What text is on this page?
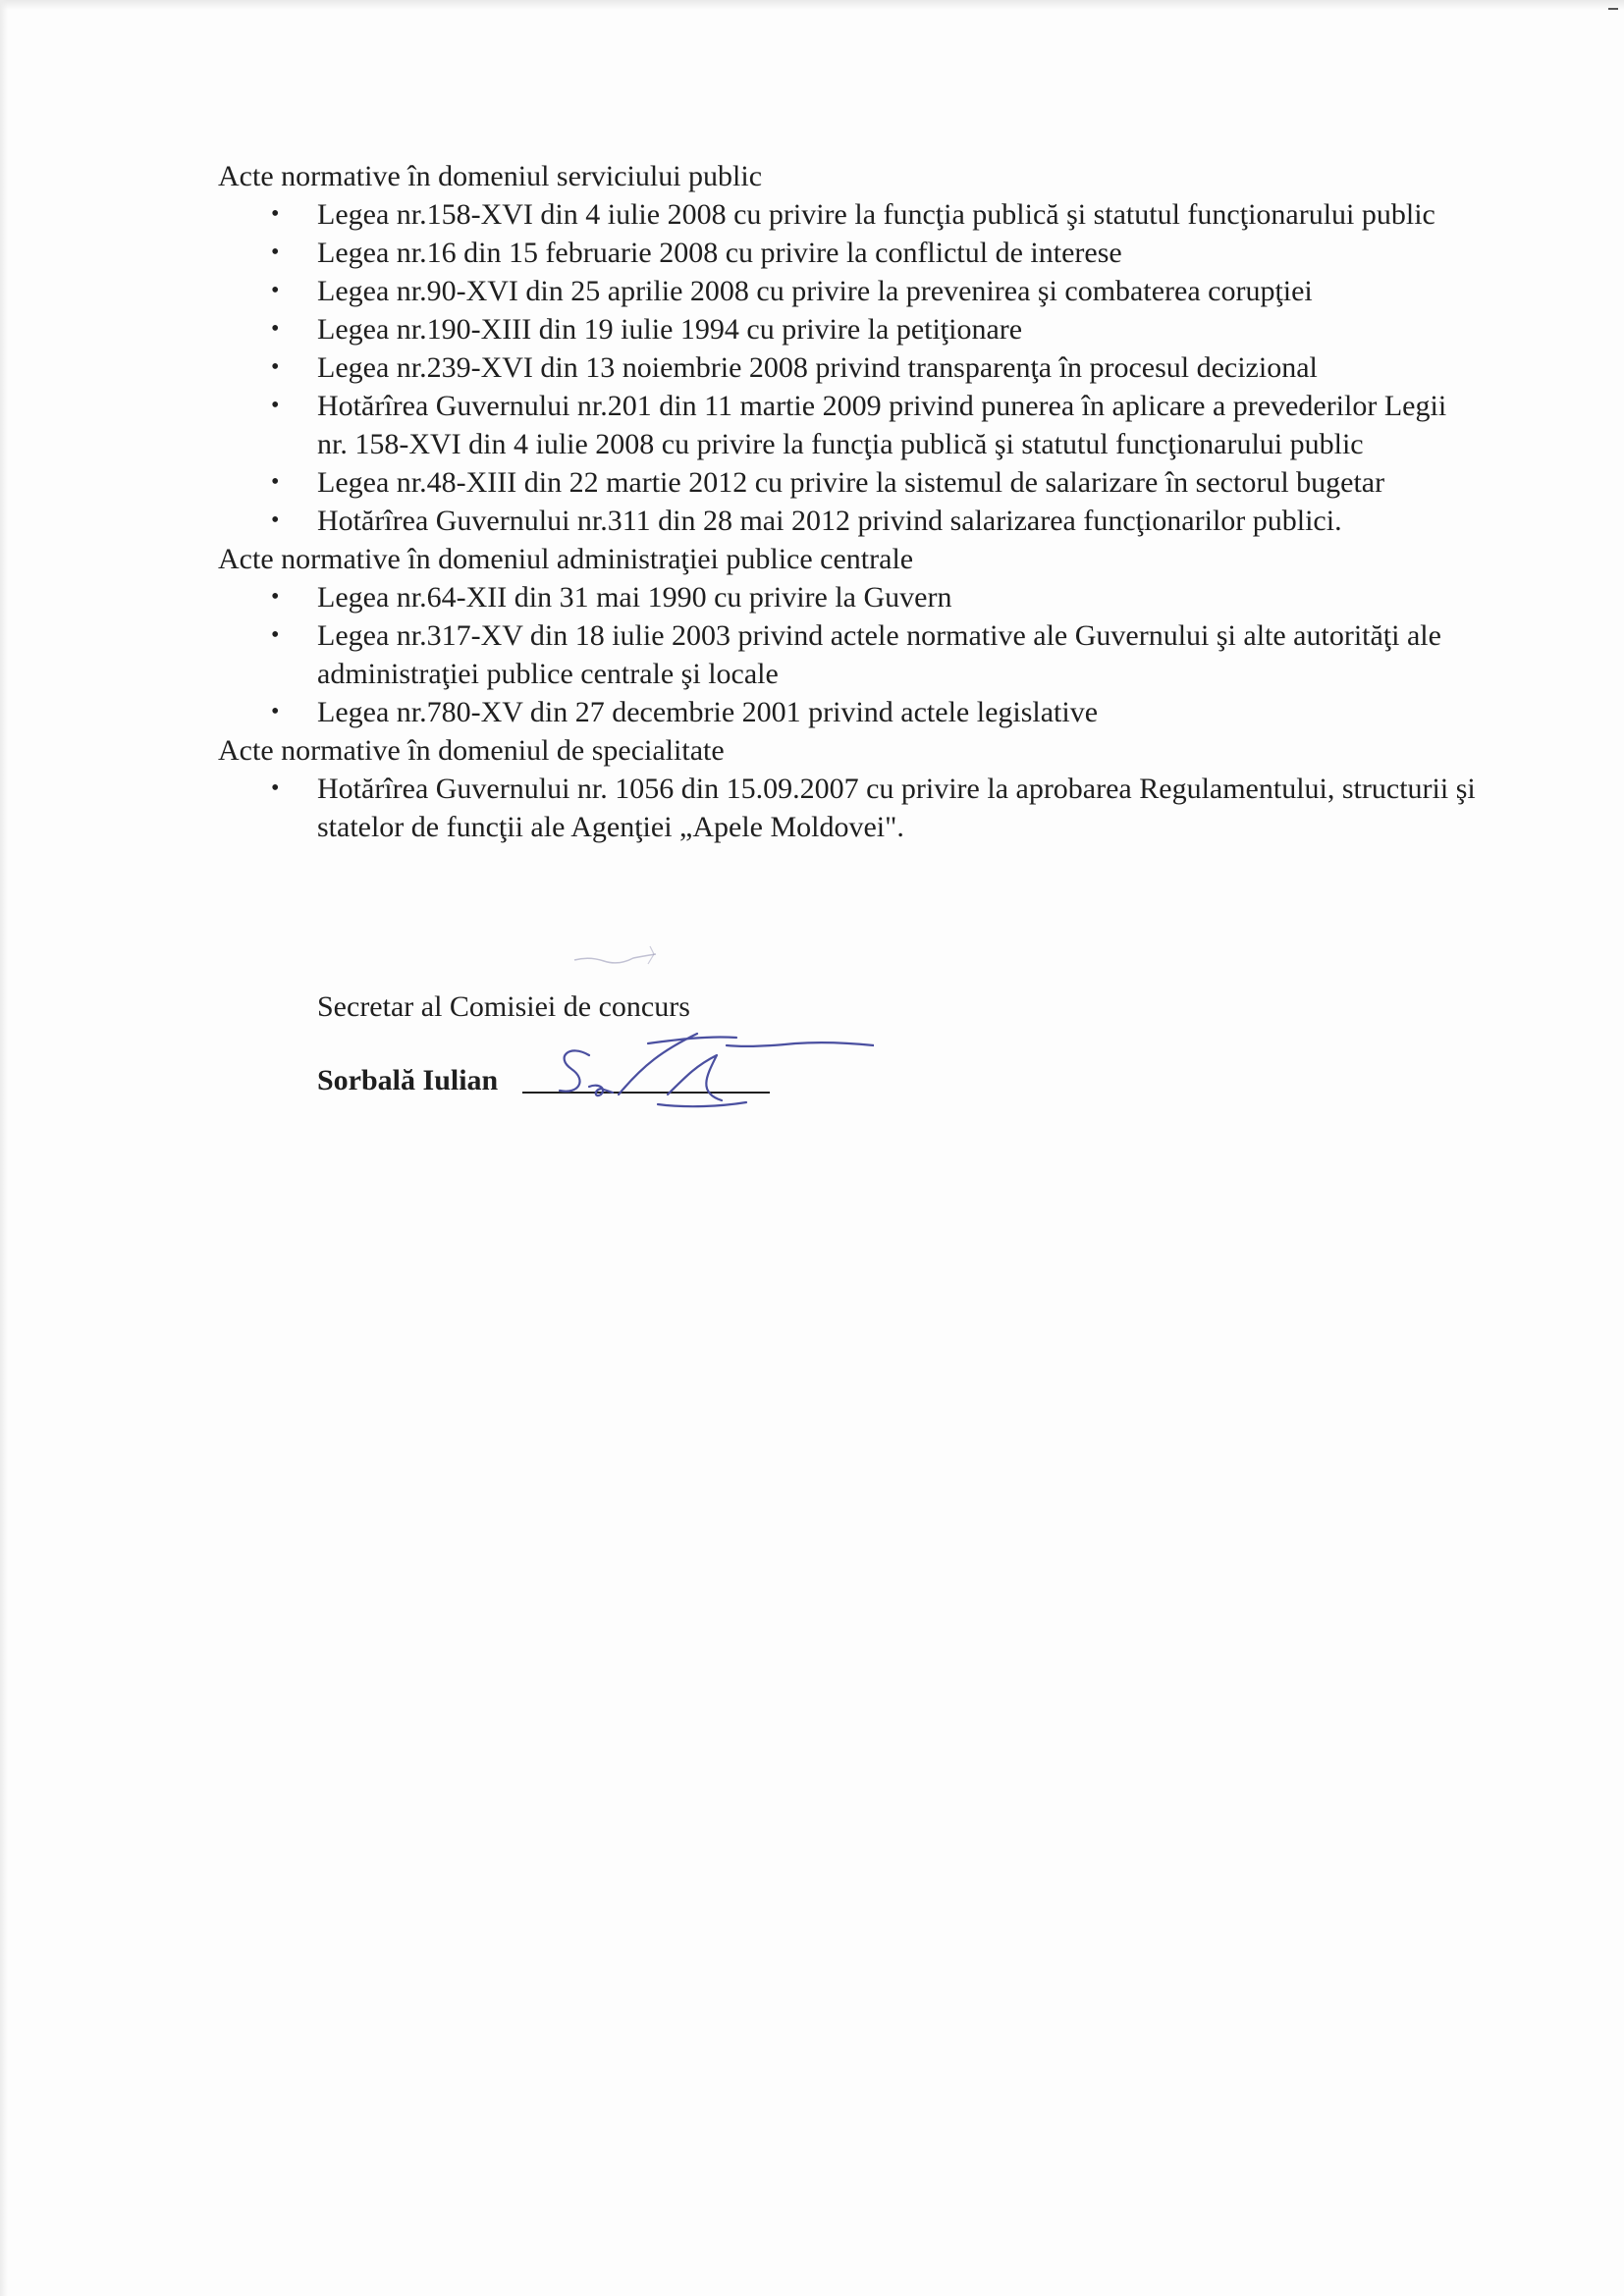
Acte normative în domeniul serviciului public

• Legea nr.158-XVI din 4 iulie 2008 cu privire la funcţia publică şi statutul funcţionarului public
• Legea nr.16 din 15 februarie 2008 cu privire la conflictul de interese
• Legea nr.90-XVI din 25 aprilie 2008 cu privire la prevenirea şi combaterea corupţiei
• Legea nr.190-XIII din 19 iulie 1994 cu privire la petiţionare
• Legea nr.239-XVI din 13 noiembrie 2008 privind transparenţa în procesul decizional
• Hotărîrea Guvernului nr.201 din 11 martie 2009 privind punerea în aplicare a prevederilor Legii nr. 158-XVI din 4 iulie 2008 cu privire la funcţia publică şi statutul funcţionarului public
• Legea nr.48-XIII din 22 martie 2012 cu privire la sistemul de salarizare în sectorul bugetar
• Hotărîrea Guvernului nr.311 din 28 mai 2012 privind salarizarea funcţionarilor publici.

Acte normative în domeniul administraţiei publice centrale

• Legea nr.64-XII din 31 mai 1990 cu privire la Guvern
• Legea nr.317-XV din 18 iulie 2003 privind actele normative ale Guvernului şi alte autorităţi ale administraţiei publice centrale şi locale
• Legea nr.780-XV din 27 decembrie 2001 privind actele legislative

Acte normative în domeniul de specialitate

• Hotărîrea Guvernului nr. 1056 din 15.09.2007 cu privire la aprobarea Regulamentului, structurii şi statelor de funcţii ale Agenţiei „Apele Moldovei".
Secretar al Comisiei de concurs
Sorbală Iulian
